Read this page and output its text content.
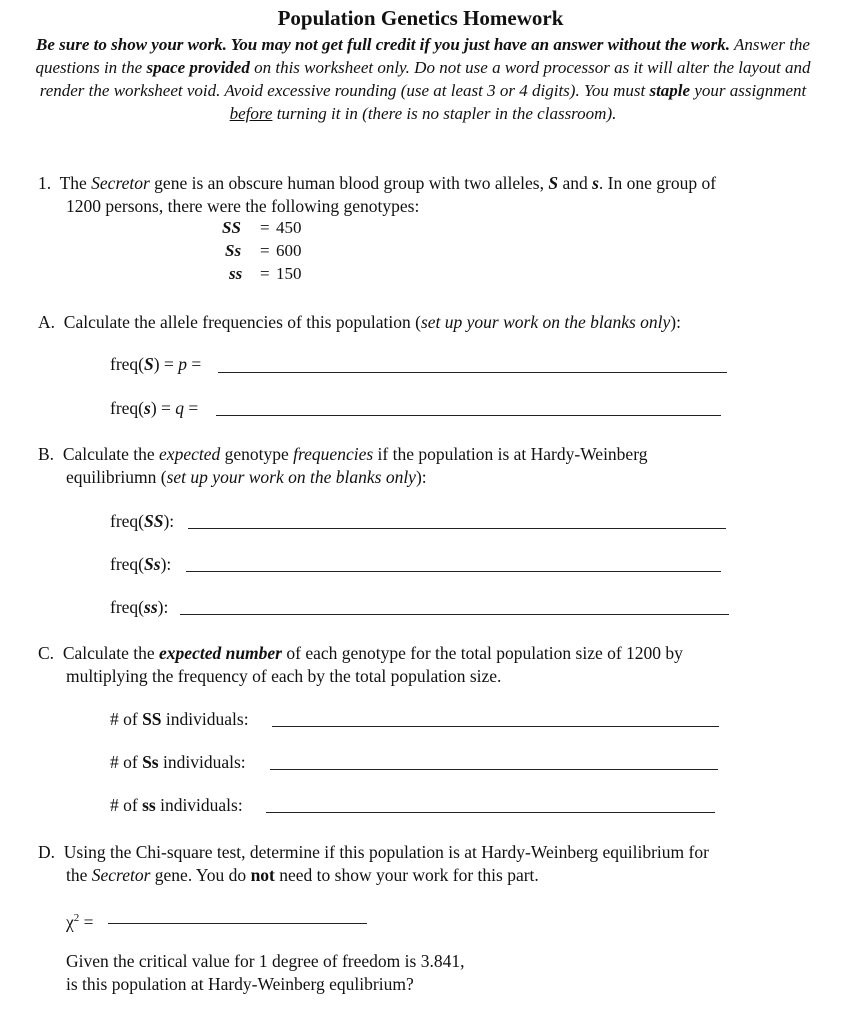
Population Genetics Homework
Be sure to show your work. You may not get full credit if you just have an answer without the work. Answer the questions in the space provided on this worksheet only. Do not use a word processor as it will alter the layout and render the worksheet void. Avoid excessive rounding (use at least 3 or 4 digits). You must staple your assignment before turning it in (there is no stapler in the classroom).
1. The Secretor gene is an obscure human blood group with two alleles, S and s. In one group of
1200 persons, there were the following genotypes:
SS = 450
Ss = 600
ss = 150
A. Calculate the allele frequencies of this population (set up your work on the blanks only):
freq(S) = p =
freq(s) = q =
B. Calculate the expected genotype frequencies if the population is at Hardy-Weinberg
equilibriumn (set up your work on the blanks only):
freq(SS):
freq(Ss):
freq(ss):
C. Calculate the expected number of each genotype for the total population size of 1200 by
multiplying the frequency of each by the total population size.
# of SS individuals:
# of Ss individuals:
# of ss individuals:
D. Using the Chi-square test, determine if this population is at Hardy-Weinberg equilibrium for
the Secretor gene. You do not need to show your work for this part.
$\chi^2$ =
Given the critical value for 1 degree of freedom is 3.841,
is this population at Hardy-Weinberg equlibrium?
